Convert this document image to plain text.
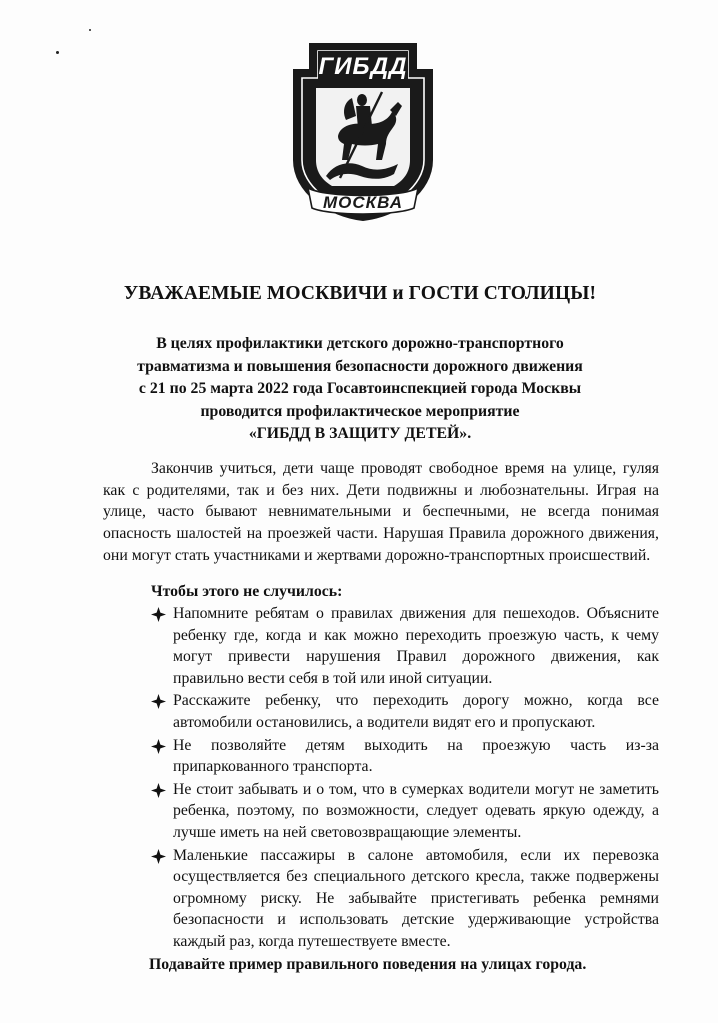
ГИБДД
МОСКВА
УВАЖАЕМЫЕ МОСКВИЧИ и ГОСТИ СТОЛИЦЫ!
В целях профилактики детского дорожно-транспортного
травматизма и повышения безопасности дорожного движения
с 21 по 25 марта 2022 года Госавтоинспекцией города Москвы
проводится профилактическое мероприятие
«ГИБДД В ЗАЩИТУ ДЕТЕЙ».

Закончив учиться, дети чаще проводят свободное время на улице, гуляя как с родителями, так и без них. Дети подвижны и любознательны. Играя на улице, часто бывают невнимательными и беспечными, не всегда понимая опасность шалостей на проезжей части. Нарушая Правила дорожного движения, они могут стать участниками и жертвами дорожно-транспортных происшествий.

Чтобы этого не случилось:
Напомните ребятам о правилах движения для пешеходов. Объясните ребенку где, когда и как можно переходить проезжую часть, к чему могут привести нарушения Правил дорожного движения, как правильно вести себя в той или иной ситуации.
Расскажите ребенку, что переходить дорогу можно, когда все автомобили остановились, а водители видят его и пропускают.
Не позволяйте детям выходить на проезжую часть из-за припаркованного транспорта.
Не стоит забывать и о том, что в сумерках водители могут не заметить ребенка, поэтому, по возможности, следует одевать яркую одежду, а лучше иметь на ней световозвращающие элементы.
Маленькие пассажиры в салоне автомобиля, если их перевозка осуществляется без специального детского кресла, также подвержены огромному риску. Не забывайте пристегивать ребенка ремнями безопасности и использовать детские удерживающие устройства каждый раз, когда путешествуете вместе.
Подавайте пример правильного поведения на улицах города.
